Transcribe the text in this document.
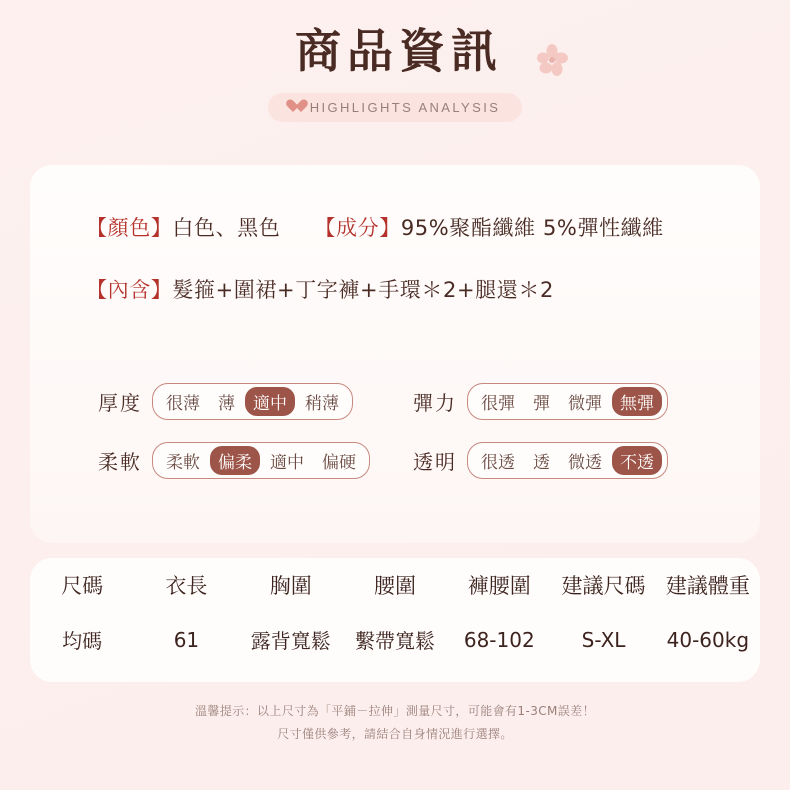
商品資訊
HIGHLIGHTS ANALYSIS
【顏色】白色、黑色 【成分】95%聚酯纖維 5%彈性纖維
【內含】髮箍+圍裙+丁字褲+手環＊2+腿還＊2
厚度	很薄	薄	適中	稍薄	彈力	很彈	彈	微彈	無彈
柔軟	柔軟	偏柔	適中	偏硬	透明	很透	透	微透	不透
尺碼	衣長	胸圍	腰圍	褲腰圍	建議尺碼	建議體重
均碼	61	露背寬鬆	繫帶寬鬆	68-102	S-XL	40-60kg
溫馨提示：以上尺寸為「平鋪－拉伸」測量尺寸，可能會有1-3CM誤差！
尺寸僅供參考，請結合自身情況進行選擇。
